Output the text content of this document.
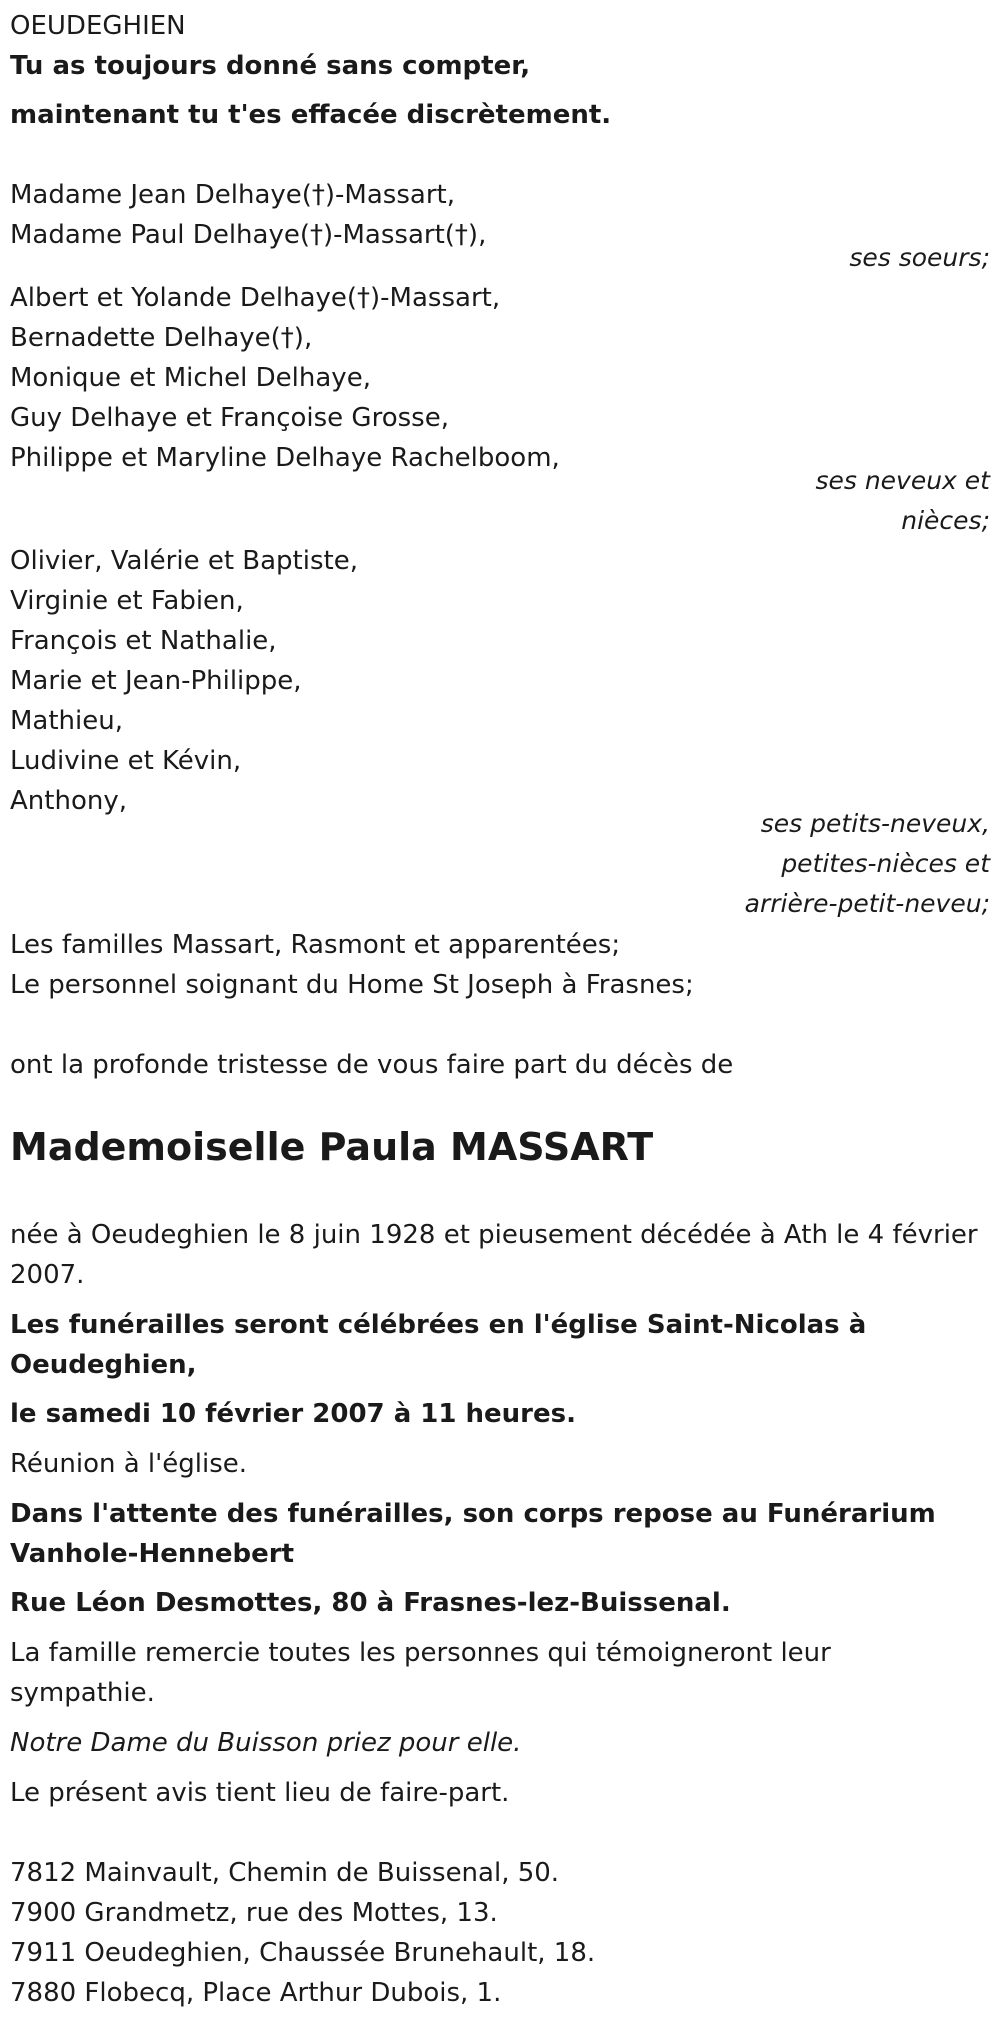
OEUDEGHIEN

Tu as toujours donné sans compter,

maintenant tu t'es effacée discrètement.

Madame Jean Delhaye(†)-Massart,

Madame Paul Delhaye(†)-Massart(†),

ses soeurs;

Albert et Yolande Delhaye(†)-Massart,

Bernadette Delhaye(†),

Monique et Michel Delhaye,

Guy Delhaye et Françoise Grosse,

Philippe et Maryline Delhaye Rachelboom,

ses neveux et

nièces;

Olivier, Valérie et Baptiste,

Virginie et Fabien,

François et Nathalie,

Marie et Jean-Philippe,

Mathieu,

Ludivine et Kévin,

Anthony,

ses petits-neveux,

petites-nièces et

arrière-petit-neveu;

Les familles Massart, Rasmont et apparentées;

Le personnel soignant du Home St Joseph à Frasnes;

ont la profonde tristesse de vous faire part du décès de

Mademoiselle Paula MASSART

née à Oeudeghien le 8 juin 1928 et pieusement décédée à Ath le 4 février

2007.

Les funérailles seront célébrées en l'église Saint-Nicolas à

Oeudeghien,

le samedi 10 février 2007 à 11 heures.

Réunion à l'église.

Dans l'attente des funérailles, son corps repose au Funérarium

Vanhole-Hennebert

Rue Léon Desmottes, 80 à Frasnes-lez-Buissenal.

La famille remercie toutes les personnes qui témoigneront leur

sympathie.

Notre Dame du Buisson priez pour elle.

Le présent avis tient lieu de faire-part.

7812 Mainvault, Chemin de Buissenal, 50.

7900 Grandmetz, rue des Mottes, 13.

7911 Oeudeghien, Chaussée Brunehault, 18.

7880 Flobecq, Place Arthur Dubois, 1.
